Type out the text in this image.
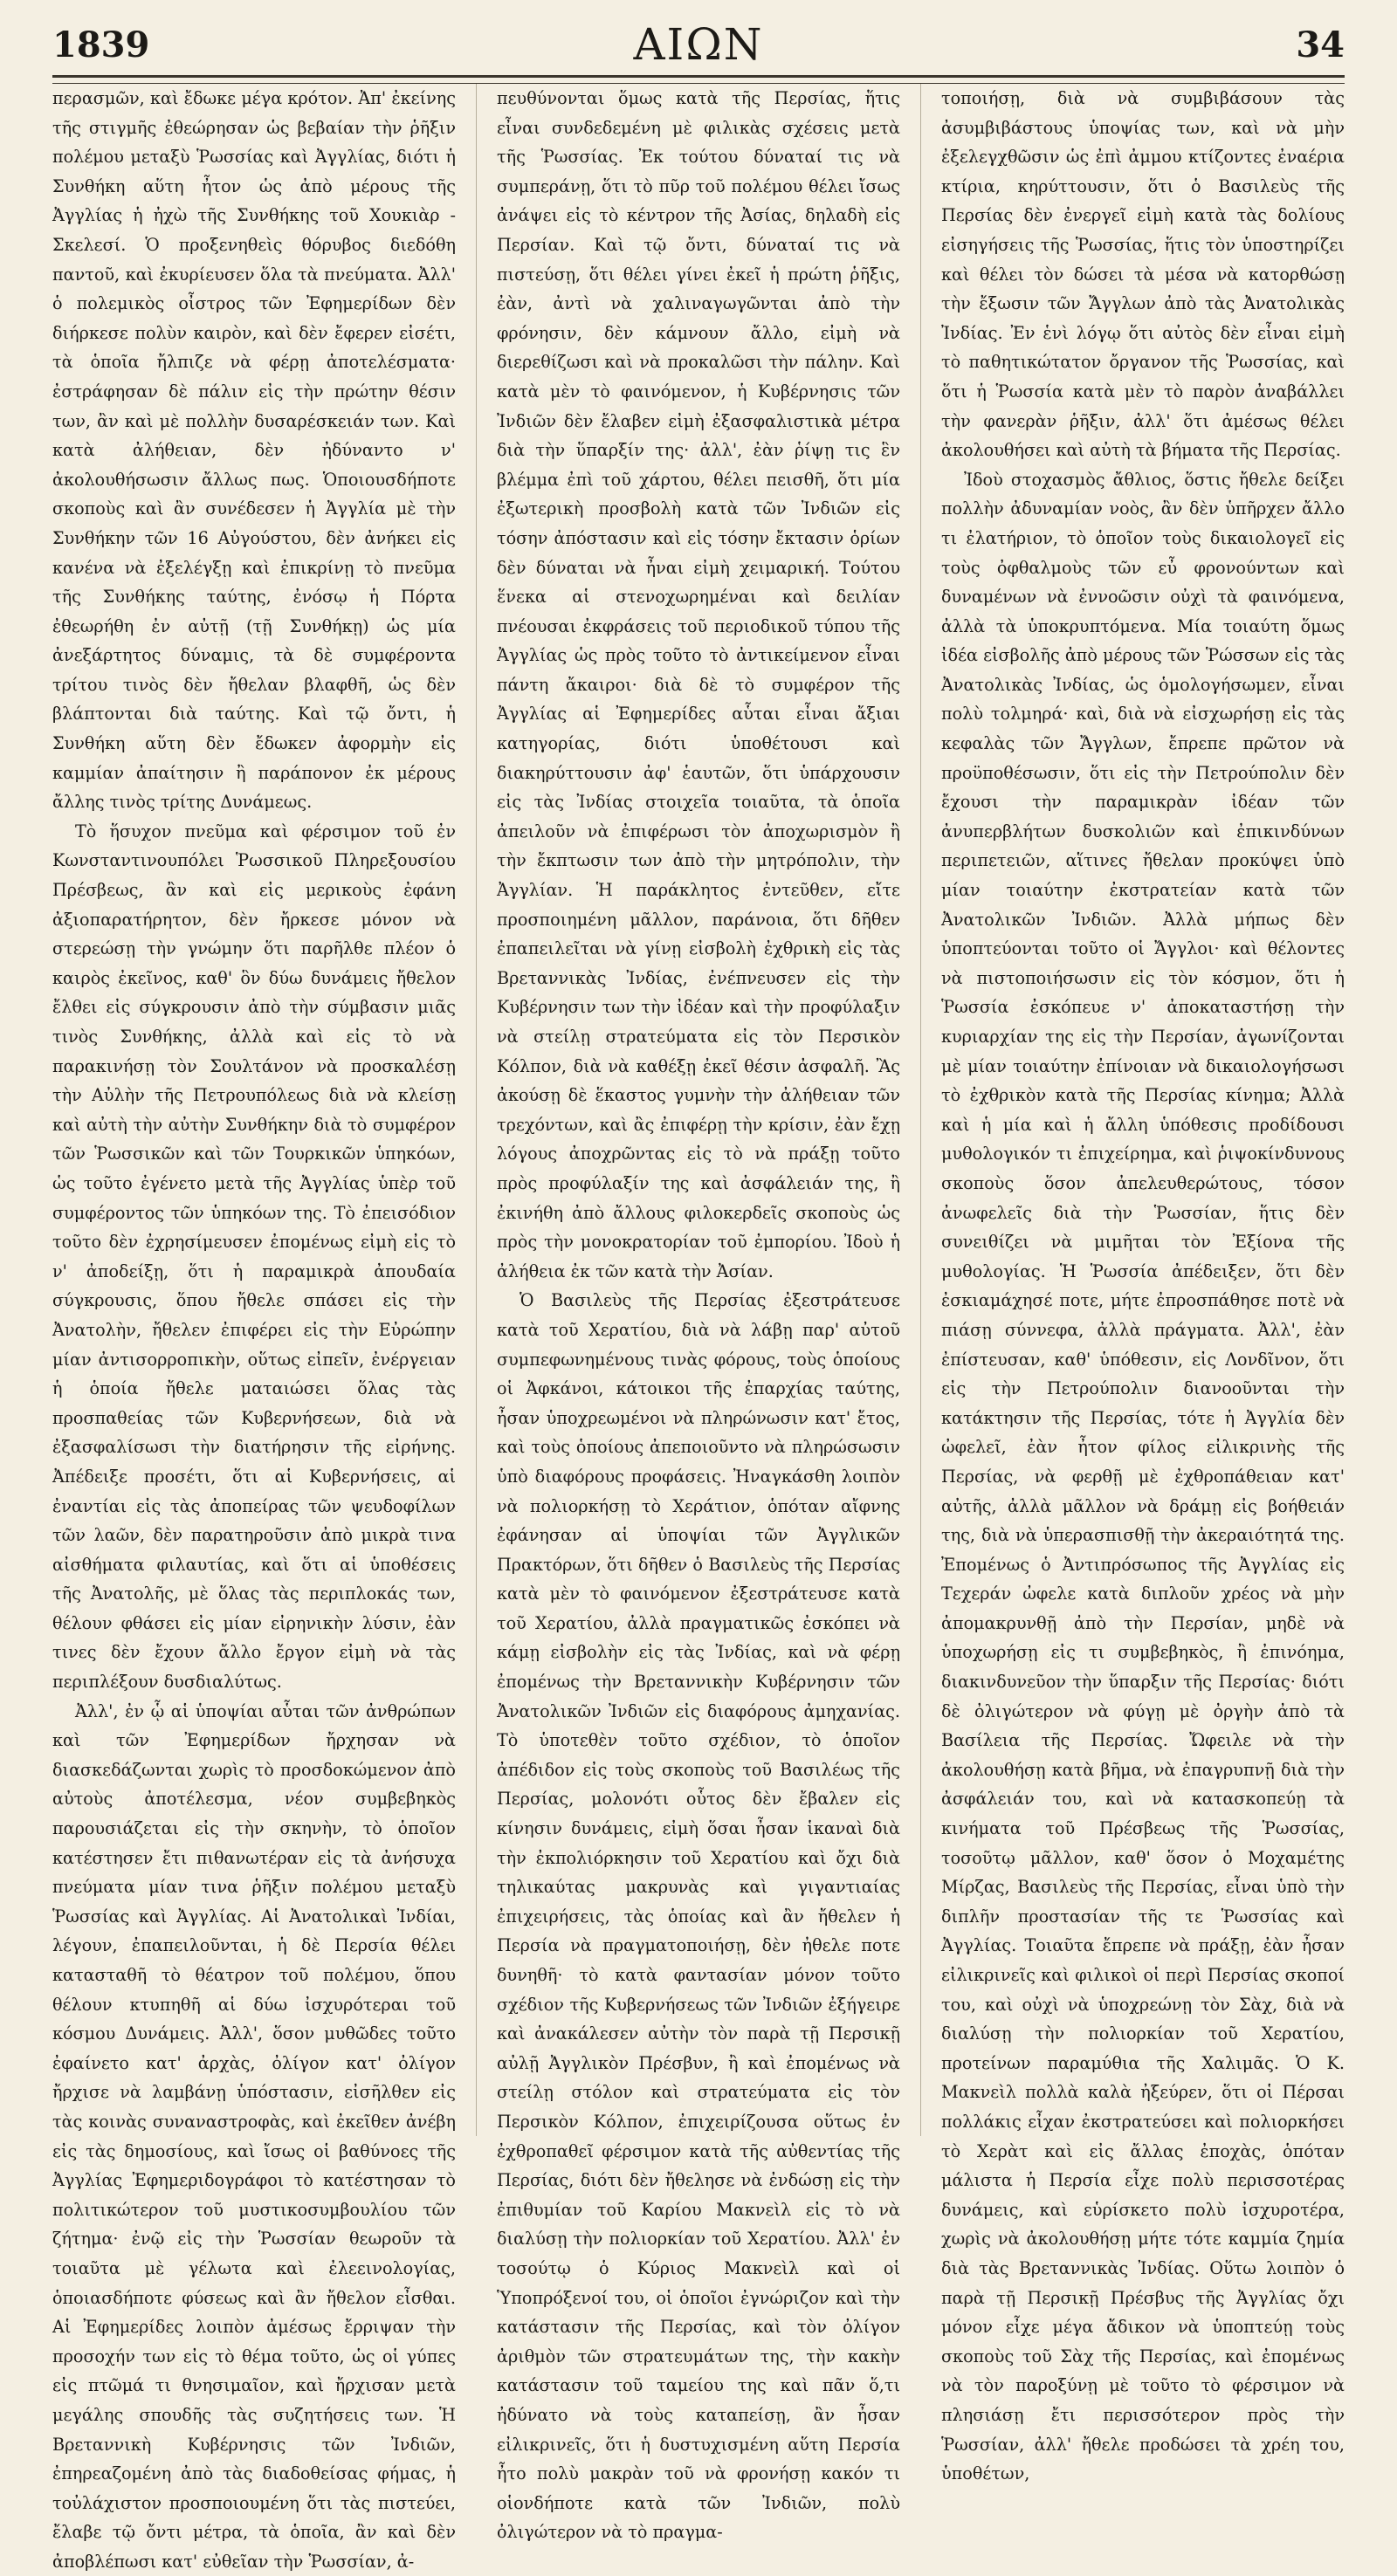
1839	ΑΙΩΝ	34

περασμῶν, καὶ ἔδωκε μέγα κρότον. Ἀπ' ἐκείνης τῆς στιγμῆς ἐθεώρησαν ὡς βεβαίαν τὴν ῥῆξιν πολέμου μεταξὺ Ῥωσσίας καὶ Ἀγγλίας, διότι ἡ Συνθήκη αὕτη ἦτον ὡς ἀπὸ μέρους τῆς Ἀγγλίας ἡ ἠχὼ τῆς Συνθήκης τοῦ Χουκιὰρ - Σκελεσί. Ὁ προξενηθεὶς θόρυβος διεδόθη παντοῦ, καὶ ἐκυρίευσεν ὅλα τὰ πνεύματα. Ἀλλ' ὁ πολεμικὸς οἶστρος τῶν Ἐφημερίδων δὲν διήρκεσε πολὺν καιρὸν, καὶ δὲν ἔφερεν εἰσέτι, τὰ ὁποῖα ἤλπιζε νὰ φέρῃ ἀποτελέσματα· ἐστράφησαν δὲ πάλιν εἰς τὴν πρώτην θέσιν των, ἂν καὶ μὲ πολλὴν δυσαρέσκειάν των. Καὶ κατὰ ἀλήθειαν, δὲν ἠδύναντο ν' ἀκολουθήσωσιν ἄλλως πως. Ὁποιουσδήποτε σκοποὺς καὶ ἂν συνέδεσεν ἡ Ἀγγλία μὲ τὴν Συνθήκην τῶν 16 Αὐγούστου, δὲν ἀνήκει εἰς κανένα νὰ ἐξελέγξῃ καὶ ἐπικρίνῃ τὸ πνεῦμα τῆς Συνθήκης ταύτης, ἐνόσῳ ἡ Πόρτα ἐθεωρήθη ἐν αὐτῇ (τῇ Συνθήκῃ) ὡς μία ἀνεξάρτητος δύναμις, τὰ δὲ συμφέροντα τρίτου τινὸς δὲν ἤθελαν βλαφθῆ, ὡς δὲν βλάπτονται διὰ ταύτης. Καὶ τῷ ὄντι, ἡ Συνθήκη αὕτη δὲν ἔδωκεν ἀφορμὴν εἰς καμμίαν ἀπαίτησιν ἢ παράπονον ἐκ μέρους ἄλλης τινὸς τρίτης Δυνάμεως.

Τὸ ἥσυχον πνεῦμα καὶ φέρσιμον τοῦ ἐν Κωνσταντινουπόλει Ῥωσσικοῦ Πληρεξουσίου Πρέσβεως, ἂν καὶ εἰς μερικοὺς ἐφάνη ἀξιοπαρατήρητον, δὲν ἤρκεσε μόνον νὰ στερεώσῃ τὴν γνώμην ὅτι παρῆλθε πλέον ὁ καιρὸς ἐκεῖνος, καθ' ὃν δύω δυνάμεις ἤθελον ἔλθει εἰς σύγκρουσιν ἀπὸ τὴν σύμβασιν μιᾶς τινὸς Συνθήκης, ἀλλὰ καὶ εἰς τὸ νὰ παρακινήσῃ τὸν Σουλτάνον νὰ προσκαλέσῃ τὴν Αὐλὴν τῆς Πετρουπόλεως διὰ νὰ κλείσῃ καὶ αὐτὴ τὴν αὐτὴν Συνθήκην διὰ τὸ συμφέρον τῶν Ῥωσσικῶν καὶ τῶν Τουρκικῶν ὑπηκόων, ὡς τοῦτο ἐγένετο μετὰ τῆς Ἀγγλίας ὑπὲρ τοῦ συμφέροντος τῶν ὑπηκόων της. Τὸ ἐπεισόδιον τοῦτο δὲν ἐχρησίμευσεν ἐπομένως εἰμὴ εἰς τὸ ν' ἀποδείξῃ, ὅτι ἡ παραμικρὰ ἀπουδαία σύγκρουσις, ὅπου ἤθελε σπάσει εἰς τὴν Ἀνατολὴν, ἤθελεν ἐπιφέρει εἰς τὴν Εὐρώπην μίαν ἀντισορροπικὴν, οὕτως εἰπεῖν, ἐνέργειαν ἡ ὁποία ἤθελε ματαιώσει ὅλας τὰς προσπαθείας τῶν Κυβερνήσεων, διὰ νὰ ἐξασφαλίσωσι τὴν διατήρησιν τῆς εἰρήνης. Ἀπέδειξε προσέτι, ὅτι αἱ Κυβερνήσεις, αἱ ἐναντίαι εἰς τὰς ἀποπείρας τῶν ψευδοφίλων τῶν λαῶν, δὲν παρατηροῦσιν ἀπὸ μικρὰ τινα αἰσθήματα φιλαυτίας, καὶ ὅτι αἱ ὑποθέσεις τῆς Ἀνατολῆς, μὲ ὅλας τὰς περιπλοκάς των, θέλουν φθάσει εἰς μίαν εἰρηνικὴν λύσιν, ἐὰν τινες δὲν ἔχουν ἄλλο ἔργον εἰμὴ νὰ τὰς περιπλέξουν δυσδιαλύτως.

Ἀλλ', ἐν ᾧ αἱ ὑποψίαι αὗται τῶν ἀνθρώπων καὶ τῶν Ἐφημερίδων ἤρχησαν νὰ διασκεδάζωνται χωρὶς τὸ προσδοκώμενον ἀπὸ αὐτοὺς ἀποτέλεσμα, νέον συμβεβηκὸς παρουσιάζεται εἰς τὴν σκηνὴν, τὸ ὁποῖον κατέστησεν ἔτι πιθανωτέραν εἰς τὰ ἀνήσυχα πνεύματα μίαν τινα ῥῆξιν πολέμου μεταξὺ Ῥωσσίας καὶ Ἀγγλίας. Αἱ Ἀνατολικαὶ Ἰνδίαι, λέγουν, ἐπαπειλοῦνται, ἡ δὲ Περσία θέλει κατασταθῆ τὸ θέατρον τοῦ πολέμου, ὅπου θέλουν κτυπηθῆ αἱ δύω ἰσχυρότεραι τοῦ κόσμου Δυνάμεις. Ἀλλ', ὅσον μυθῶδες τοῦτο ἐφαίνετο κατ' ἀρχὰς, ὀλίγον κατ' ὀλίγον ἤρχισε νὰ λαμβάνῃ ὑπόστασιν, εἰσῆλθεν εἰς τὰς κοινὰς συναναστροφὰς, καὶ ἐκεῖθεν ἀνέβη εἰς τὰς δημοσίους, καὶ ἴσως οἱ βαθύνοες τῆς Ἀγγλίας Ἐφημεριδογράφοι τὸ κατέστησαν τὸ πολιτικώτερον τοῦ μυστικοσυμβουλίου τῶν ζήτημα· ἐνῷ εἰς τὴν Ῥωσσίαν θεωροῦν τὰ τοιαῦτα μὲ γέλωτα καὶ ἐλεεινολογίας, ὁποιασδήποτε φύσεως καὶ ἂν ἤθελον εἶσθαι. Αἱ Ἐφημερίδες λοιπὸν ἀμέσως ἔρριψαν τὴν προσοχήν των εἰς τὸ θέμα τοῦτο, ὡς οἱ γύπες εἰς πτῶμά τι θνησιμαῖον, καὶ ἤρχισαν μετὰ μεγάλης σπουδῆς τὰς συζητήσεις των. Ἡ Βρεταννικὴ Κυβέρνησις τῶν Ἰνδιῶν, ἐπηρεαζομένη ἀπὸ τὰς διαδοθείσας φήμας, ἡ τοὐλάχιστον προσποιουμένη ὅτι τὰς πιστεύει, ἔλαβε τῷ ὄντι μέτρα, τὰ ὁποῖα, ἂν καὶ δὲν ἀποβλέπωσι κατ' εὐθεῖαν τὴν Ῥωσσίαν, ἀ-

πευθύνονται ὅμως κατὰ τῆς Περσίας, ἥτις εἶναι συνδεδεμένη μὲ φιλικὰς σχέσεις μετὰ τῆς Ῥωσσίας. Ἐκ τούτου δύναταί τις νὰ συμπεράνῃ, ὅτι τὸ πῦρ τοῦ πολέμου θέλει ἴσως ἀνάψει εἰς τὸ κέντρον τῆς Ἀσίας, δηλαδὴ εἰς Περσίαν. Καὶ τῷ ὄντι, δύναταί τις νὰ πιστεύσῃ, ὅτι θέλει γίνει ἐκεῖ ἡ πρώτη ῥῆξις, ἐὰν, ἀντὶ νὰ χαλιναγωγῶνται ἀπὸ τὴν φρόνησιν, δὲν κάμνουν ἄλλο, εἰμὴ νὰ διερεθίζωσι καὶ νὰ προκαλῶσι τὴν πάλην. Καὶ κατὰ μὲν τὸ φαινόμενον, ἡ Κυβέρνησις τῶν Ἰνδιῶν δὲν ἔλαβεν εἰμὴ ἐξασφαλιστικὰ μέτρα διὰ τὴν ὕπαρξίν της· ἀλλ', ἐὰν ῥίψῃ τις ἓν βλέμμα ἐπὶ τοῦ χάρτου, θέλει πεισθῆ, ὅτι μία ἐξωτερικὴ προσβολὴ κατὰ τῶν Ἰνδιῶν εἰς τόσην ἀπόστασιν καὶ εἰς τόσην ἔκτασιν ὁρίων δὲν δύναται νὰ ἦναι εἰμὴ χειμαρική. Τούτου ἕνεκα αἱ στενοχωρημέναι καὶ δειλίαν πνέουσαι ἐκφράσεις τοῦ περιοδικοῦ τύπου τῆς Ἀγγλίας ὡς πρὸς τοῦτο τὸ ἀντικείμενον εἶναι πάντη ἄκαιροι· διὰ δὲ τὸ συμφέρον τῆς Ἀγγλίας αἱ Ἐφημερίδες αὗται εἶναι ἄξιαι κατηγορίας, διότι ὑποθέτουσι καὶ διακηρύττουσιν ἀφ' ἑαυτῶν, ὅτι ὑπάρχουσιν εἰς τὰς Ἰνδίας στοιχεῖα τοιαῦτα, τὰ ὁποῖα ἀπειλοῦν νὰ ἐπιφέρωσι τὸν ἀποχωρισμὸν ἢ τὴν ἔκπτωσιν των ἀπὸ τὴν μητρόπολιν, τὴν Ἀγγλίαν. Ἡ παράκλητος ἐντεῦθεν, εἴτε προσποιημένη μᾶλλον, παράνοια, ὅτι δῆθεν ἐπαπειλεῖται νὰ γίνῃ εἰσβολὴ ἐχθρικὴ εἰς τὰς Βρεταννικὰς Ἰνδίας, ἐνέπνευσεν εἰς τὴν Κυβέρνησιν των τὴν ἰδέαν καὶ τὴν προφύλαξιν νὰ στείλῃ στρατεύματα εἰς τὸν Περσικὸν Κόλπον, διὰ νὰ καθέξῃ ἐκεῖ θέσιν ἀσφαλῆ. Ἂς ἀκούσῃ δὲ ἕκαστος γυμνὴν τὴν ἀλήθειαν τῶν τρεχόντων, καὶ ἂς ἐπιφέρῃ τὴν κρίσιν, ἐὰν ἔχῃ λόγους ἀποχρῶντας εἰς τὸ νὰ πράξῃ τοῦτο πρὸς προφύλαξίν της καὶ ἀσφάλειάν της, ἢ ἐκινήθη ἀπὸ ἄλλους φιλοκερδεῖς σκοποὺς ὡς πρὸς τὴν μονοκρατορίαν τοῦ ἐμπορίου. Ἰδοὺ ἡ ἀλήθεια ἐκ τῶν κατὰ τὴν Ἀσίαν.

Ὁ Βασιλεὺς τῆς Περσίας ἐξεστράτευσε κατὰ τοῦ Χερατίου, διὰ νὰ λάβῃ παρ' αὐτοῦ συμπεφωνημένους τινὰς φόρους, τοὺς ὁποίους οἱ Ἀφκάνοι, κάτοικοι τῆς ἐπαρχίας ταύτης, ἦσαν ὑποχρεωμένοι νὰ πληρώνωσιν κατ' ἔτος, καὶ τοὺς ὁποίους ἀπεποιοῦντο νὰ πληρώσωσιν ὑπὸ διαφόρους προφάσεις. Ἠναγκάσθη λοιπὸν νὰ πολιορκήσῃ τὸ Χεράτιον, ὁπόταν αἴφνης ἐφάνησαν αἱ ὑποψίαι τῶν Ἀγγλικῶν Πρακτόρων, ὅτι δῆθεν ὁ Βασιλεὺς τῆς Περσίας κατὰ μὲν τὸ φαινόμενον ἐξεστράτευσε κατὰ τοῦ Χερατίου, ἀλλὰ πραγματικῶς ἐσκόπει νὰ κάμῃ εἰσβολὴν εἰς τὰς Ἰνδίας, καὶ νὰ φέρῃ ἐπομένως τὴν Βρεταννικὴν Κυβέρνησιν τῶν Ἀνατολικῶν Ἰνδιῶν εἰς διαφόρους ἀμηχανίας. Τὸ ὑποτεθὲν τοῦτο σχέδιον, τὸ ὁποῖον ἀπέδιδον εἰς τοὺς σκοποὺς τοῦ Βασιλέως τῆς Περσίας, μολονότι οὗτος δὲν ἔβαλεν εἰς κίνησιν δυνάμεις, εἰμὴ ὅσαι ἦσαν ἱκαναὶ διὰ τὴν ἐκπολιόρκησιν τοῦ Χερατίου καὶ ὄχι διὰ τηλικαύτας μακρυνὰς καὶ γιγαντιαίας ἐπιχειρήσεις, τὰς ὁποίας καὶ ἂν ἤθελεν ἡ Περσία νὰ πραγματοποιήσῃ, δὲν ἠθελε ποτε δυνηθῆ· τὸ κατὰ φαντασίαν μόνον τοῦτο σχέδιον τῆς Κυβερνήσεως τῶν Ἰνδιῶν ἐξήγειρε καὶ ἀνακάλεσεν αὐτὴν τὸν παρὰ τῇ Περσικῇ αὐλῇ Ἀγγλικὸν Πρέσβυν, ἢ καὶ ἐπομένως νὰ στείλῃ στόλον καὶ στρατεύματα εἰς τὸν Περσικὸν Κόλπον, ἐπιχειρίζουσα οὕτως ἐν ἐχθροπαθεῖ φέρσιμον κατὰ τῆς αὐθεντίας τῆς Περσίας, διότι δὲν ἤθελησε νὰ ἐνδώσῃ εἰς τὴν ἐπιθυμίαν τοῦ Καρίου Μακνεὶλ εἰς τὸ νὰ διαλύσῃ τὴν πολιορκίαν τοῦ Χερατίου. Ἀλλ' ἐν τοσούτῳ ὁ Κύριος Μακνεὶλ καὶ οἱ Ὑποπρόξενοί του, οἱ ὁποῖοι ἐγνώριζον καὶ τὴν κατάστασιν τῆς Περσίας, καὶ τὸν ὀλίγον ἀριθμὸν τῶν στρατευμάτων της, τὴν κακὴν κατάστασιν τοῦ ταμείου της καὶ πᾶν ὅ,τι ἠδύνατο νὰ τοὺς καταπείσῃ, ἂν ἦσαν εἰλικρινεῖς, ὅτι ἡ δυστυχισμένη αὕτη Περσία ἦτο πολὺ μακρὰν τοῦ νὰ φρονήσῃ κακόν τι οἱονδήποτε κατὰ τῶν Ἰνδιῶν, πολὺ ὀλιγώτερον νὰ τὸ πραγμα-

τοποιήσῃ, διὰ νὰ συμβιβάσουν τὰς ἀσυμβιβάστους ὑποψίας των, καὶ νὰ μὴν ἐξελεγχθῶσιν ὡς ἐπὶ ἀμμου κτίζοντες ἐναέρια κτίρια, κηρύττουσιν, ὅτι ὁ Βασιλεὺς τῆς Περσίας δὲν ἐνεργεῖ εἰμὴ κατὰ τὰς δολίους εἰσηγήσεις τῆς Ῥωσσίας, ἥτις τὸν ὑποστηρίζει καὶ θέλει τὸν δώσει τὰ μέσα νὰ κατορθώσῃ τὴν ἔξωσιν τῶν Ἄγγλων ἀπὸ τὰς Ἀνατολικὰς Ἰνδίας. Ἐν ἑνὶ λόγῳ ὅτι αὐτὸς δὲν εἶναι εἰμὴ τὸ παθητικώτατον ὄργανον τῆς Ῥωσσίας, καὶ ὅτι ἡ Ῥωσσία κατὰ μὲν τὸ παρὸν ἀναβάλλει τὴν φανερὰν ῥῆξιν, ἀλλ' ὅτι ἀμέσως θέλει ἀκολουθήσει καὶ αὐτὴ τὰ βήματα τῆς Περσίας.

Ἰδοὺ στοχασμὸς ἄθλιος, ὅστις ἤθελε δείξει πολλὴν ἀδυναμίαν νοὸς, ἂν δὲν ὑπῆρχεν ἄλλο τι ἐλατήριον, τὸ ὁποῖον τοὺς δικαιολογεῖ εἰς τοὺς ὀφθαλμοὺς τῶν εὖ φρονούντων καὶ δυναμένων νὰ ἐννοῶσιν οὐχὶ τὰ φαινόμενα, ἀλλὰ τὰ ὑποκρυπτόμενα. Μία τοιαύτη ὅμως ἰδέα εἰσβολῆς ἀπὸ μέρους τῶν Ῥώσσων εἰς τὰς Ἀνατολικὰς Ἰνδίας, ὡς ὁμολογήσωμεν, εἶναι πολὺ τολμηρά· καὶ, διὰ νὰ εἰσχωρήσῃ εἰς τὰς κεφαλὰς τῶν Ἄγγλων, ἔπρεπε πρῶτον νὰ προϋποθέσωσιν, ὅτι εἰς τὴν Πετρούπολιν δὲν ἔχουσι τὴν παραμικρὰν ἰδέαν τῶν ἀνυπερβλήτων δυσκολιῶν καὶ ἐπικινδύνων περιπετειῶν, αἵτινες ἤθελαν προκύψει ὑπὸ μίαν τοιαύτην ἐκστρατείαν κατὰ τῶν Ἀνατολικῶν Ἰνδιῶν. Ἀλλὰ μήπως δὲν ὑποπτεύονται τοῦτο οἱ Ἄγγλοι· καὶ θέλοντες νὰ πιστοποιήσωσιν εἰς τὸν κόσμον, ὅτι ἡ Ῥωσσία ἐσκόπευε ν' ἀποκαταστήσῃ τὴν κυριαρχίαν της εἰς τὴν Περσίαν, ἀγωνίζονται μὲ μίαν τοιαύτην ἐπίνοιαν νὰ δικαιολογήσωσι τὸ ἐχθρικὸν κατὰ τῆς Περσίας κίνημα; Ἀλλὰ καὶ ἡ μία καὶ ἡ ἄλλη ὑπόθεσις προδίδουσι μυθολογικόν τι ἐπιχείρημα, καὶ ῥιψοκίνδυνους σκοποὺς ὅσον ἀπελευθερώτους, τόσον ἀνωφελεῖς διὰ τὴν Ῥωσσίαν, ἥτις δὲν συνειθίζει νὰ μιμῆται τὸν Ἐξίονα τῆς μυθολογίας. Ἡ Ῥωσσία ἀπέδειξεν, ὅτι δὲν ἐσκιαμάχησέ ποτε, μήτε ἐπροσπάθησε ποτὲ νὰ πιάσῃ σύννεφα, ἀλλὰ πράγματα. Ἀλλ', ἐὰν ἐπίστευσαν, καθ' ὑπόθεσιν, εἰς Λονδῖνον, ὅτι εἰς τὴν Πετρούπολιν διανοοῦνται τὴν κατάκτησιν τῆς Περσίας, τότε ἡ Ἀγγλία δὲν ὠφελεῖ, ἐὰν ἦτον φίλος εἰλικρινὴς τῆς Περσίας, νὰ φερθῇ μὲ ἐχθροπάθειαν κατ' αὐτῆς, ἀλλὰ μᾶλλον νὰ δράμῃ εἰς βοήθειάν της, διὰ νὰ ὑπερασπισθῇ τὴν ἀκεραιότητά της. Ἐπομένως ὁ Ἀντιπρόσωπος τῆς Ἀγγλίας εἰς Τεχεράν ὠφελε κατὰ διπλοῦν χρέος νὰ μὴν ἀπομακρυνθῇ ἀπὸ τὴν Περσίαν, μηδὲ νὰ ὑποχωρήσῃ εἰς τι συμβεβηκὸς, ἢ ἐπινόημα, διακινδυνεῦον τὴν ὕπαρξιν τῆς Περσίας· διότι δὲ ὀλιγώτερον νὰ φύγῃ μὲ ὀργὴν ἀπὸ τὰ Βασίλεια τῆς Περσίας. Ὤφειλε νὰ τὴν ἀκολουθήσῃ κατὰ βῆμα, νὰ ἐπαγρυπνῇ διὰ τὴν ἀσφάλειάν του, καὶ νὰ κατασκοπεύῃ τὰ κινήματα τοῦ Πρέσβεως τῆς Ῥωσσίας, τοσοῦτῳ μᾶλλον, καθ' ὅσον ὁ Μοχαμέτης Μίρζας, Βασιλεὺς τῆς Περσίας, εἶναι ὑπὸ τὴν διπλῆν προστασίαν τῆς τε Ῥωσσίας καὶ Ἀγγλίας. Τοιαῦτα ἔπρεπε νὰ πράξῃ, ἐὰν ἦσαν εἰλικρινεῖς καὶ φιλικοὶ οἱ περὶ Περσίας σκοποί του, καὶ οὐχὶ νὰ ὑποχρεώνῃ τὸν Σὰχ, διὰ νὰ διαλύσῃ τὴν πολιορκίαν τοῦ Χερατίου, προτείνων παραμύθια τῆς Χαλιμᾶς. Ὁ Κ. Μακνεὶλ πολλὰ καλὰ ἠξεύρεν, ὅτι οἱ Πέρσαι πολλάκις εἶχαν ἐκστρατεύσει καὶ πολιορκήσει τὸ Χερὰτ καὶ εἰς ἄλλας ἐποχὰς, ὁπόταν μάλιστα ἡ Περσία εἶχε πολὺ περισσοτέρας δυνάμεις, καὶ εὑρίσκετο πολὺ ἰσχυροτέρα, χωρὶς νὰ ἀκολουθήσῃ μήτε τότε καμμία ζημία διὰ τὰς Βρεταννικὰς Ἰνδίας. Οὕτω λοιπὸν ὁ παρὰ τῇ Περσικῇ Πρέσβυς τῆς Ἀγγλίας ὄχι μόνον εἶχε μέγα ἄδικον νὰ ὑποπτεύῃ τοὺς σκοποὺς τοῦ Σὰχ τῆς Περσίας, καὶ ἐπομένως νὰ τὸν παροξύνῃ μὲ τοῦτο τὸ φέρσιμον νὰ πλησιάσῃ ἔτι περισσότερον πρὸς τὴν Ῥωσσίαν, ἀλλ' ἤθελε προδώσει τὰ χρέη του, ὑποθέτων,
